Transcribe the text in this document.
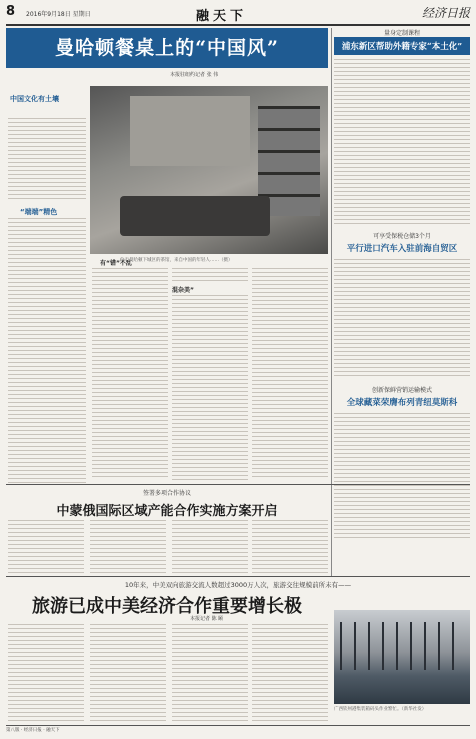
8 2016年9月18日 星期日	融天下	经济日报
曼哈顿餐桌上的“中国风”
本报驻纽约记者 张 伟
中国文化有土壤
“端端”精色
位于曼哈顿下城区的茶馆，来自中国的年轻人……（摄）
有“错”不乱
混杂美”
量身定制课程
浦东新区帮助外籍专家“本土化”
可享受保税仓储3个月
平行进口汽车入驻前海自贸区
创新保鲜营销运输模式
全球藏菜荣膺布列青纽莫斯科
签署多项合作协议
中蒙俄国际区域产能合作实施方案开启
10年来，中美双向旅游交流人数超过3000万人次，旅游交往规模前所未有——
旅游已成中美经济合作重要增长极
本报记者 陈 颐
广西钦州港集装箱码头作业繁忙。（新华社发）
第八版 · 经济日报 · 融天下
